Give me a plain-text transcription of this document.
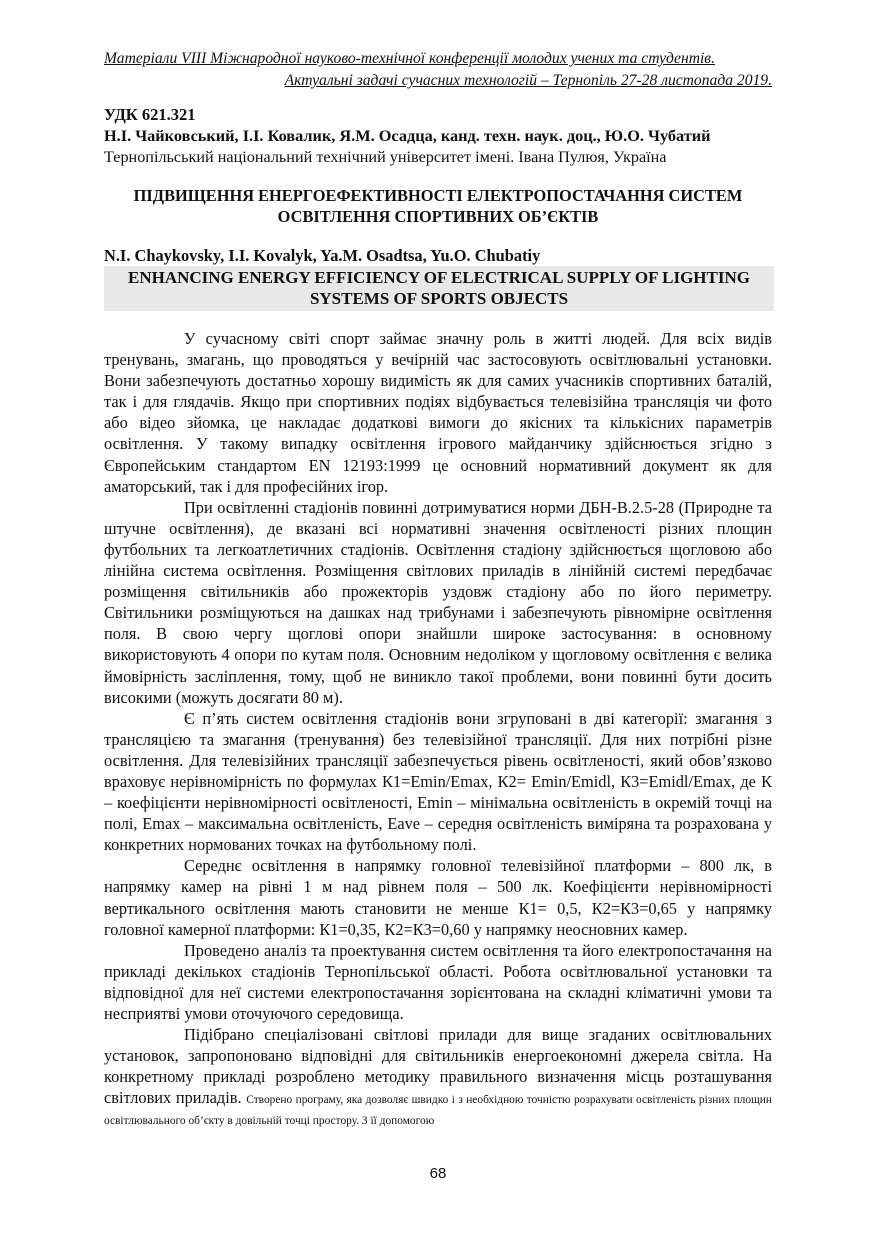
Матеріали VIII Міжнародної науково-технічної конференції молодих учених та студентів.
Актуальні задачі сучасних технологій – Тернопіль 27-28 листопада 2019.
УДК 621.321
Н.І. Чайковський, І.І. Ковалик, Я.М. Осадца, канд. техн. наук. доц., Ю.О. Чубатий
Тернопільський національний технічний університет імені. Івана Пулюя, Україна
ПІДВИЩЕННЯ ЕНЕРГОЕФЕКТИВНОСТІ ЕЛЕКТРОПОСТАЧАННЯ СИСТЕМ ОСВІТЛЕННЯ СПОРТИВНИХ ОБ’ЄКТІВ
N.I. Chaykovsky, I.I. Kovalyk, Ya.M. Osadtsa, Yu.O. Chubatiy
ENHANCING ENERGY EFFICIENCY OF ELECTRICAL SUPPLY OF LIGHTING SYSTEMS OF SPORTS OBJECTS

У сучасному світі спорт займає значну роль в житті людей. Для всіх видів тренувань, змагань, що проводяться у вечірній час застосовують освітлювальні установки. Вони забезпечують достатньо хорошу видимість як для самих учасників спортивних баталій, так і для глядачів. Якщо при спортивних подіях відбувається телевізійна трансляція чи фото або відео зйомка, це накладає додаткові вимоги до якісних та кількісних параметрів освітлення. У такому випадку освітлення ігрового майданчику здійснюється згідно з Європейським стандартом EN 12193:1999 це основний нормативний документ як для аматорський, так і для професійних ігор.

При освітленні стадіонів повинні дотримуватися норми ДБН-В.2.5-28 (Природне та штучне освітлення), де вказані всі нормативні значення освітленості різних площин футбольних та легкоатлетичних стадіонів. Освітлення стадіону здійснюється щогловою або лінійна система освітлення. Розміщення світлових приладів в лінійній системі передбачає розміщення світильників або прожекторів уздовж стадіону або по його периметру. Світильники розміщуються на дашках над трибунами і забезпечують рівномірне освітлення поля. В свою чергу щоглові опори знайшли широке застосування: в основному використовують 4 опори по кутам поля. Основним недоліком у щогловому освітлення є велика ймовірність засліплення, тому, щоб не виникло такої проблеми, вони повинні бути досить високими (можуть досягати 80 м).

Є п’ять систем освітлення стадіонів вони згруповані в дві категорії: змагання з трансляцією та змагання (тренування) без телевізійної трансляції. Для них потрібні різне освітлення. Для телевізійних трансляції забезпечується рівень освітленості, який обов’язково враховує нерівномірність по формулах К1=Emin/Emax, К2= Emin/Emidl, К3=Emidl/Emax, де К – коефіцієнти нерівномірності освітленості, Emin – мінімальна освітленість в окремій точці на полі, Emax – максимальна освітленість, Eave – середня освітленість виміряна та розрахована у конкретних нормованих точках на футбольному полі.

Середнє освітлення в напрямку головної телевізійної платформи – 800 лк, в напрямку камер на рівні 1 м над рівнем поля – 500 лк. Коефіцієнти нерівномірності вертикального освітлення мають становити не менше К1= 0,5, К2=К3=0,65 у напрямку головної камерної платформи: К1=0,35, К2=К3=0,60 у напрямку неосновних камер.

Проведено аналіз та проектування систем освітлення та його електропостачання на прикладі декількох стадіонів Тернопільської області. Робота освітлювальної установки та відповідної для неї системи електропостачання зорієнтована на складні кліматичні умови та несприятві умови оточуючого середовища.

Підібрано спеціалізовані світлові прилади для вище згаданих освітлювальних установок, запропоновано відповідні для світильників енергоекономні джерела світла. На конкретному прикладі розроблено методику правильного визначення місць розташування світлових приладів. Створено програму, яка дозволяє швидко і з необхідною точністю розрахувати освітленість різних площин освітлювального об’єкту в довільній точці простору. З її допомогою

68
